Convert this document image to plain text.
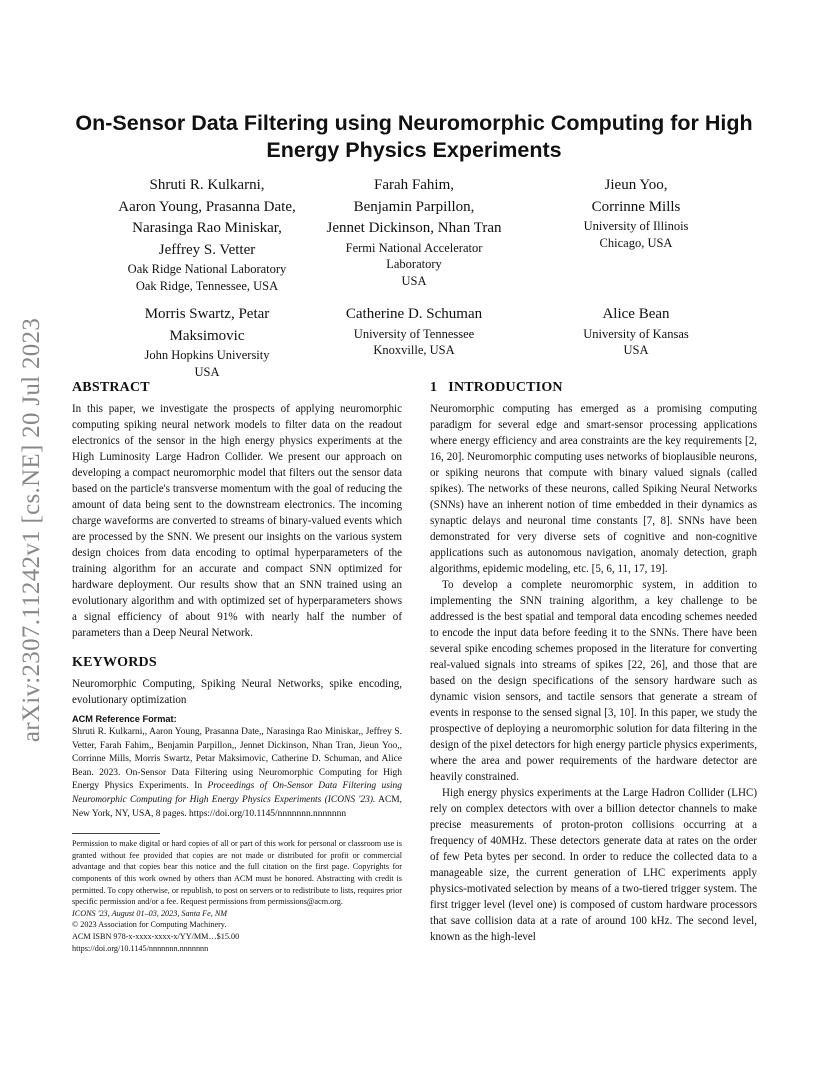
arXiv:2307.11242v1 [cs.NE] 20 Jul 2023
On-Sensor Data Filtering using Neuromorphic Computing for High Energy Physics Experiments
Shruti R. Kulkarni,
Aaron Young, Prasanna Date,
Narasinga Rao Miniskar,
Jeffrey S. Vetter
Oak Ridge National Laboratory
Oak Ridge, Tennessee, USA
Farah Fahim,
Benjamin Parpillon,
Jennet Dickinson, Nhan Tran
Fermi National Accelerator
Laboratory
USA
Jieun Yoo,
Corrinne Mills
University of Illinois
Chicago, USA
Morris Swartz, Petar
Maksimovic
John Hopkins University
USA
Catherine D. Schuman
University of Tennessee
Knoxville, USA
Alice Bean
University of Kansas
USA
ABSTRACT

In this paper, we investigate the prospects of applying neuromorphic computing spiking neural network models to filter data on the readout electronics of the sensor in the high energy physics experiments at the High Luminosity Large Hadron Collider. We present our approach on developing a compact neuromorphic model that filters out the sensor data based on the particle's transverse momentum with the goal of reducing the amount of data being sent to the downstream electronics. The incoming charge waveforms are converted to streams of binary-valued events which are processed by the SNN. We present our insights on the various system design choices from data encoding to optimal hyperparameters of the training algorithm for an accurate and compact SNN optimized for hardware deployment. Our results show that an SNN trained using an evolutionary algorithm and with optimized set of hyperparameters shows a signal efficiency of about 91% with nearly half the number of parameters than a Deep Neural Network.

KEYWORDS

Neuromorphic Computing, Spiking Neural Networks, spike encoding, evolutionary optimization

ACM Reference Format:

Shruti R. Kulkarni,, Aaron Young, Prasanna Date,, Narasinga Rao Miniskar,, Jeffrey S. Vetter, Farah Fahim,, Benjamin Parpillon,, Jennet Dickinson, Nhan Tran, Jieun Yoo,, Corrinne Mills, Morris Swartz, Petar Maksimovic, Catherine D. Schuman, and Alice Bean. 2023. On-Sensor Data Filtering using Neuromorphic Computing for High Energy Physics Experiments. In Proceedings of On-Sensor Data Filtering using Neuromorphic Computing for High Energy Physics Experiments (ICONS '23). ACM, New York, NY, USA, 8 pages. https://doi.org/10.1145/nnnnnnn.nnnnnnn

Permission to make digital or hard copies of all or part of this work for personal or classroom use is granted without fee provided that copies are not made or distributed for profit or commercial advantage and that copies bear this notice and the full citation on the first page. Copyrights for components of this work owned by others than ACM must be honored. Abstracting with credit is permitted. To copy otherwise, or republish, to post on servers or to redistribute to lists, requires prior specific permission and/or a fee. Request permissions from permissions@acm.org.

ICONS '23, August 01–03, 2023, Santa Fe, NM

© 2023 Association for Computing Machinery.

ACM ISBN 978-x-xxxx-xxxx-x/YY/MM…$15.00

https://doi.org/10.1145/nnnnnnn.nnnnnnn

1   INTRODUCTION

Neuromorphic computing has emerged as a promising computing paradigm for several edge and smart-sensor processing applications where energy efficiency and area constraints are the key requirements [2, 16, 20]. Neuromorphic computing uses networks of bioplausible neurons, or spiking neurons that compute with binary valued signals (called spikes). The networks of these neurons, called Spiking Neural Networks (SNNs) have an inherent notion of time embedded in their dynamics as synaptic delays and neuronal time constants [7, 8]. SNNs have been demonstrated for very diverse sets of cognitive and non-cognitive applications such as autonomous navigation, anomaly detection, graph algorithms, epidemic modeling, etc. [5, 6, 11, 17, 19].

To develop a complete neuromorphic system, in addition to implementing the SNN training algorithm, a key challenge to be addressed is the best spatial and temporal data encoding schemes needed to encode the input data before feeding it to the SNNs. There have been several spike encoding schemes proposed in the literature for converting real-valued signals into streams of spikes [22, 26], and those that are based on the design specifications of the sensory hardware such as dynamic vision sensors, and tactile sensors that generate a stream of events in response to the sensed signal [3, 10]. In this paper, we study the prospective of deploying a neuromorphic solution for data filtering in the design of the pixel detectors for high energy particle physics experiments, where the area and power requirements of the hardware detector are heavily constrained.

High energy physics experiments at the Large Hadron Collider (LHC) rely on complex detectors with over a billion detector channels to make precise measurements of proton-proton collisions occurring at a frequency of 40MHz. These detectors generate data at rates on the order of few Peta bytes per second. In order to reduce the collected data to a manageable size, the current generation of LHC experiments apply physics-motivated selection by means of a two-tiered trigger system. The first trigger level (level one) is composed of custom hardware processors that save collision data at a rate of around 100 kHz. The second level, known as the high-level
